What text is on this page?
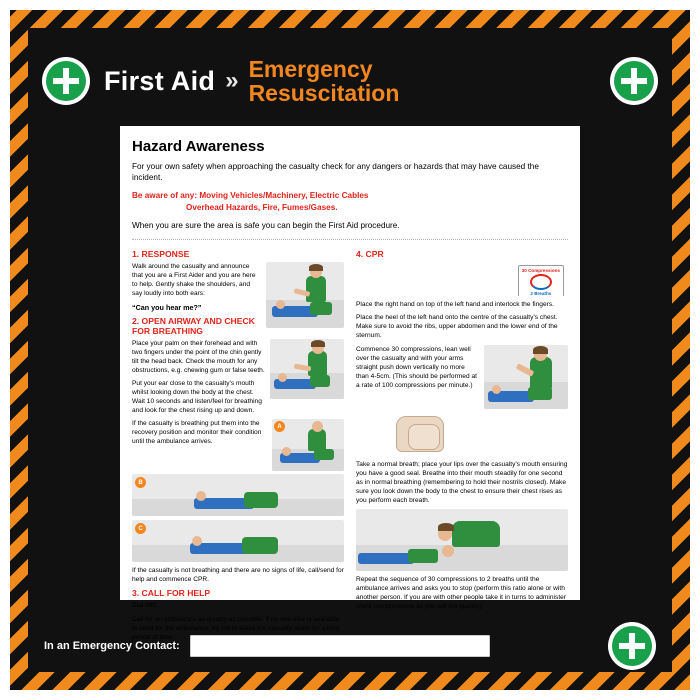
First Aid » Emergency
Resuscitation
Hazard Awareness
For your own safety when approaching the casualty check for any dangers or hazards that may have caused the incident.
Be aware of any: Moving Vehicles/Machinery, Electric Cables
Overhead Hazards, Fire, Fumes/Gases.
When you are sure the area is safe you can begin the First Aid procedure.
1. RESPONSE
Walk around the casualty and announce that you are a First Aider and you are here to help. Gently shake the shoulders, and say loudly into both ears:
“Can you hear me?”
2. OPEN AIRWAY AND CHECK FOR BREATHING
Place your palm on their forehead and with two fingers under the point of the chin gently tilt the head back. Check the mouth for any obstructions, e.g. chewing gum or false teeth.
Put your ear close to the casualty’s mouth whilst looking down the body at the chest. Wait 10 seconds and listen/feel for breathing and look for the chest rising up and down.
A
If the casualty is breathing put them into the recovery position and monitor their condition until the ambulance arrives.
B
C
If the casualty is not breathing and there are no signs of life, call/send for help and commence CPR.
3. CALL FOR HELP
Dial 999.
Call for an ambulance as quickly as possible. If no one else is available to send for the ambulance, try not to leave the casualty alone for a long period of time.
4. CPR
30 Compressions
2 Breaths
Place the right hand on top of the left hand and interlock the fingers.
Place the heel of the left hand onto the centre of the casualty’s chest. Make sure to avoid the ribs, upper abdomen and the lower end of the sternum.
Commence 30 compressions, lean well over the casualty and with your arms straight push down vertically no more than 4-5cm. (This should be performed at a rate of 100 compressions per minute.)
Take a normal breath; place your lips over the casualty’s mouth ensuring you have a good seal. Breathe into their mouth steadily for one second as in normal breathing (remembering to hold their nostrils closed). Make sure you look down the body to the chest to ensure their chest rises as you perform each breath.
Repeat the sequence of 30 compressions to 2 breaths until the ambulance arrives and asks you to stop (perform this ratio alone or with another person. If you are with other people take it in turns to administer chest compressions as you will tire quickly).
In an Emergency Contact:
